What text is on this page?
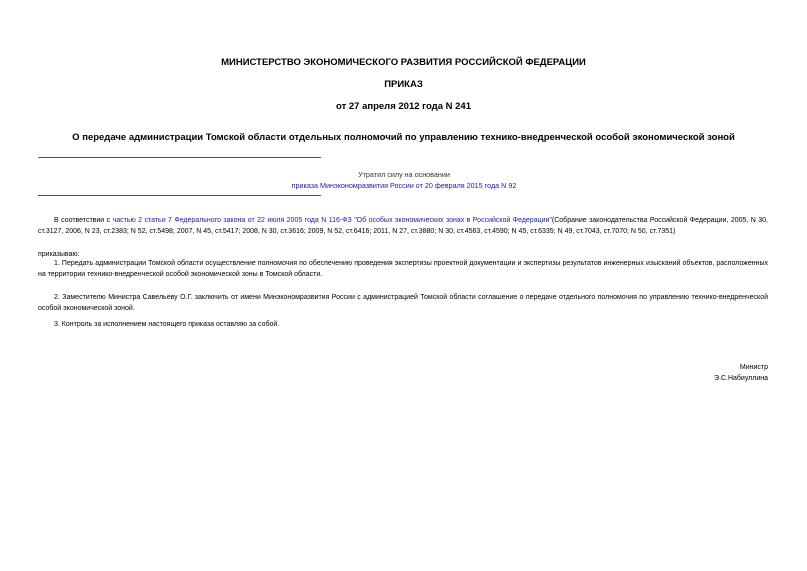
МИНИСТЕРСТВО ЭКОНОМИЧЕСКОГО РАЗВИТИЯ РОССИЙСКОЙ ФЕДЕРАЦИИ
ПРИКАЗ
от 27 апреля 2012 года N 241
О передаче администрации Томской области отдельных полномочий по управлению технико-внедренческой особой экономической зоной
Утратил силу на основании
приказа Минэкономразвития России от 20 февраля 2015 года N 92
В соответствии с частью 2 статьи 7 Федерального закона от 22 июля 2005 года N 116-ФЗ "Об особых экономических зонах в Российской Федерации"(Собрание законодательства Российской Федерации, 2005, N 30, ст.3127, 2006, N 23, ст.2383; N 52, ст.5498; 2007, N 45, ст.5417; 2008, N 30, ст.3616; 2009, N 52, ст.6416; 2011, N 27, ст.3880; N 30, ст.4563, ст.4590; N 45, ст.6335; N 49, ст.7043, ст.7070; N 50, ст.7351)
приказываю:
1. Передать администрации Томской области осуществление полномочия по обеспечению проведения экспертизы проектной документации и экспертизы результатов инженерных изысканий объектов, расположенных на территории технико-внедренческой особой экономической зоны в Томской области.
2. Заместителю Министра Савельеву О.Г. заключить от имени Минэкономразвития России с администрацией Томской области соглашение о передаче отдельного полномочия по управлению технико-внедренческой особой экономической зоной.
3. Контроль за исполнением настоящего приказа оставляю за собой.
Министр
Э.С.Набиуллина
